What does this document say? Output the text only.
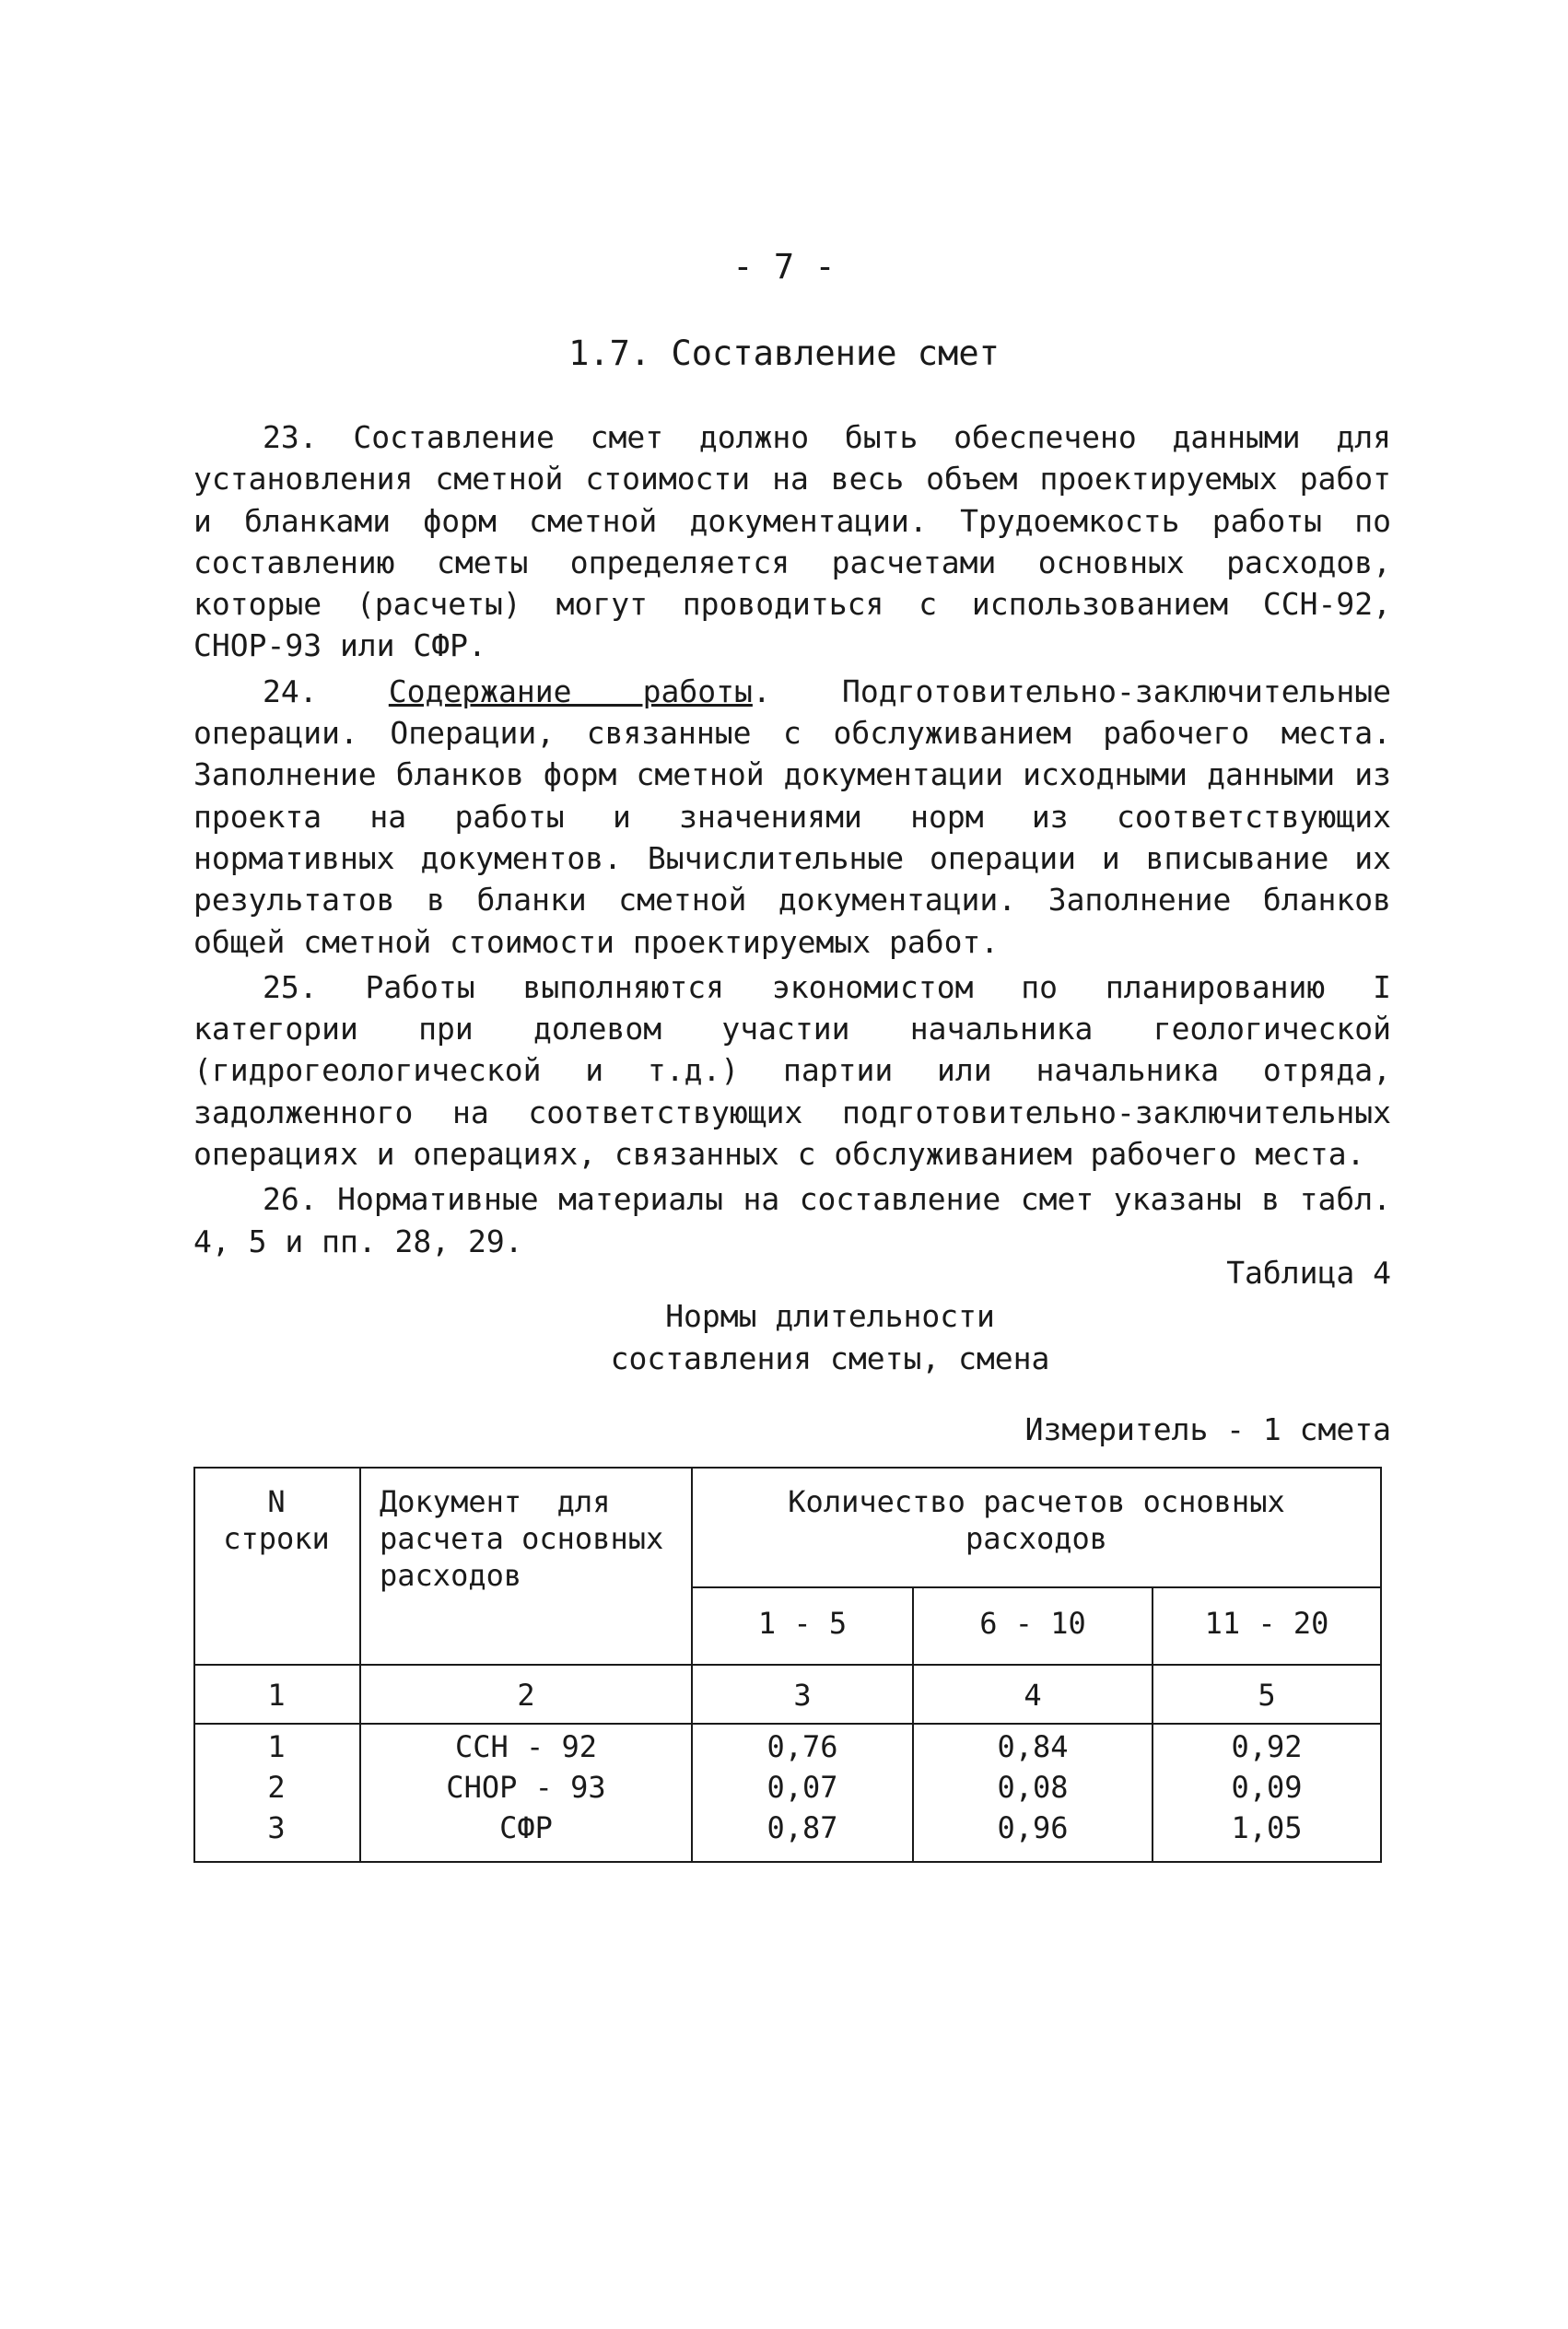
- 7 -
1.7. Составление смет

23. Составление смет должно быть обеспечено данными для установления сметной стоимости на весь объем проектируемых работ и бланками форм сметной документации. Трудоемкость работы по составлению сметы определяется расчетами основных расходов, которые (расчеты) могут проводиться с использованием ССН-92, СНОР-93 или СФР.

24. Содержание работы. Подготовительно-заключительные операции. Операции, связанные с обслуживанием рабочего места. Заполнение бланков форм сметной документации исходными данными из проекта на работы и значениями норм из соответствующих нормативных документов. Вычислительные операции и вписывание их результатов в бланки сметной документации. Заполнение бланков общей сметной стоимости проектируемых работ.

25. Работы выполняются экономистом по планированию I категории при долевом участии начальника геологической (гидрогеологической и т.д.) партии или начальника отряда, задолженного на соответствующих подготовительно-заключительных операциях и операциях, связанных с обслуживанием рабочего места.

26. Нормативные материалы на составление смет указаны в табл. 4, 5 и пп. 28, 29.

Таблица 4
Нормы длительности
составления сметы, смена
Измеритель - 1 смета
N
строки
Документ  для
расчета основных
расходов
Количество расчетов основных
расходов
1 - 5	6 - 10	11 - 20
1	2	3	4	5
1	ССН - 92	0,76	0,84	0,92
2	СНОР - 93	0,07	0,08	0,09
3	СФР	0,87	0,96	1,05
